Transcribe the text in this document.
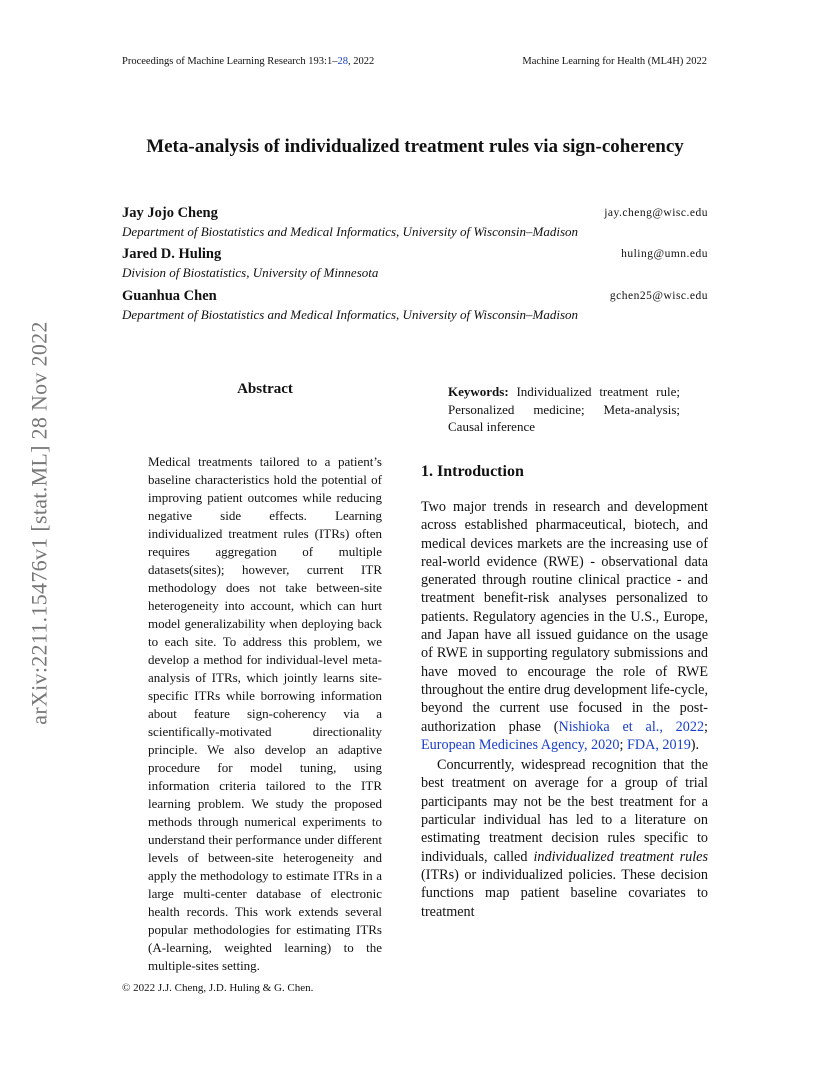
Proceedings of Machine Learning Research 193:1–28, 2022	Machine Learning for Health (ML4H) 2022
arXiv:2211.15476v1 [stat.ML] 28 Nov 2022
Meta-analysis of individualized treatment rules via sign-coherency
Jay Jojo Cheng	jay.cheng@wisc.edu
Department of Biostatistics and Medical Informatics, University of Wisconsin–Madison
Jared D. Huling	huling@umn.edu
Division of Biostatistics, University of Minnesota
Guanhua Chen	gchen25@wisc.edu
Department of Biostatistics and Medical Informatics, University of Wisconsin–Madison
Abstract
Medical treatments tailored to a patient’s baseline characteristics hold the potential of improving patient outcomes while reducing negative side effects. Learning individualized treatment rules (ITRs) often requires aggregation of multiple datasets(sites); however, current ITR methodology does not take between-site heterogeneity into account, which can hurt model generalizability when deploying back to each site. To address this problem, we develop a method for individual-level meta-analysis of ITRs, which jointly learns site-specific ITRs while borrowing information about feature sign-coherency via a scientifically-motivated directionality principle. We also develop an adaptive procedure for model tuning, using information criteria tailored to the ITR learning problem. We study the proposed methods through numerical experiments to understand their performance under different levels of between-site heterogeneity and apply the methodology to estimate ITRs in a large multi-center database of electronic health records. This work extends several popular methodologies for estimating ITRs (A-learning, weighted learning) to the multiple-sites setting.
Keywords: Individualized treatment rule; Personalized medicine; Meta-analysis; Causal inference
1. Introduction

Two major trends in research and development across established pharmaceutical, biotech, and medical devices markets are the increasing use of real-world evidence (RWE) - observational data generated through routine clinical practice - and treatment benefit-risk analyses personalized to patients. Regulatory agencies in the U.S., Europe, and Japan have all issued guidance on the usage of RWE in supporting regulatory submissions and have moved to encourage the role of RWE throughout the entire drug development life-cycle, beyond the current use focused in the post-authorization phase (Nishioka et al., 2022; European Medicines Agency, 2020; FDA, 2019).

Concurrently, widespread recognition that the best treatment on average for a group of trial participants may not be the best treatment for a particular individual has led to a literature on estimating treatment decision rules specific to individuals, called individualized treatment rules (ITRs) or individualized policies. These decision functions map patient baseline covariates to treatment

© 2022 J.J. Cheng, J.D. Huling & G. Chen.
